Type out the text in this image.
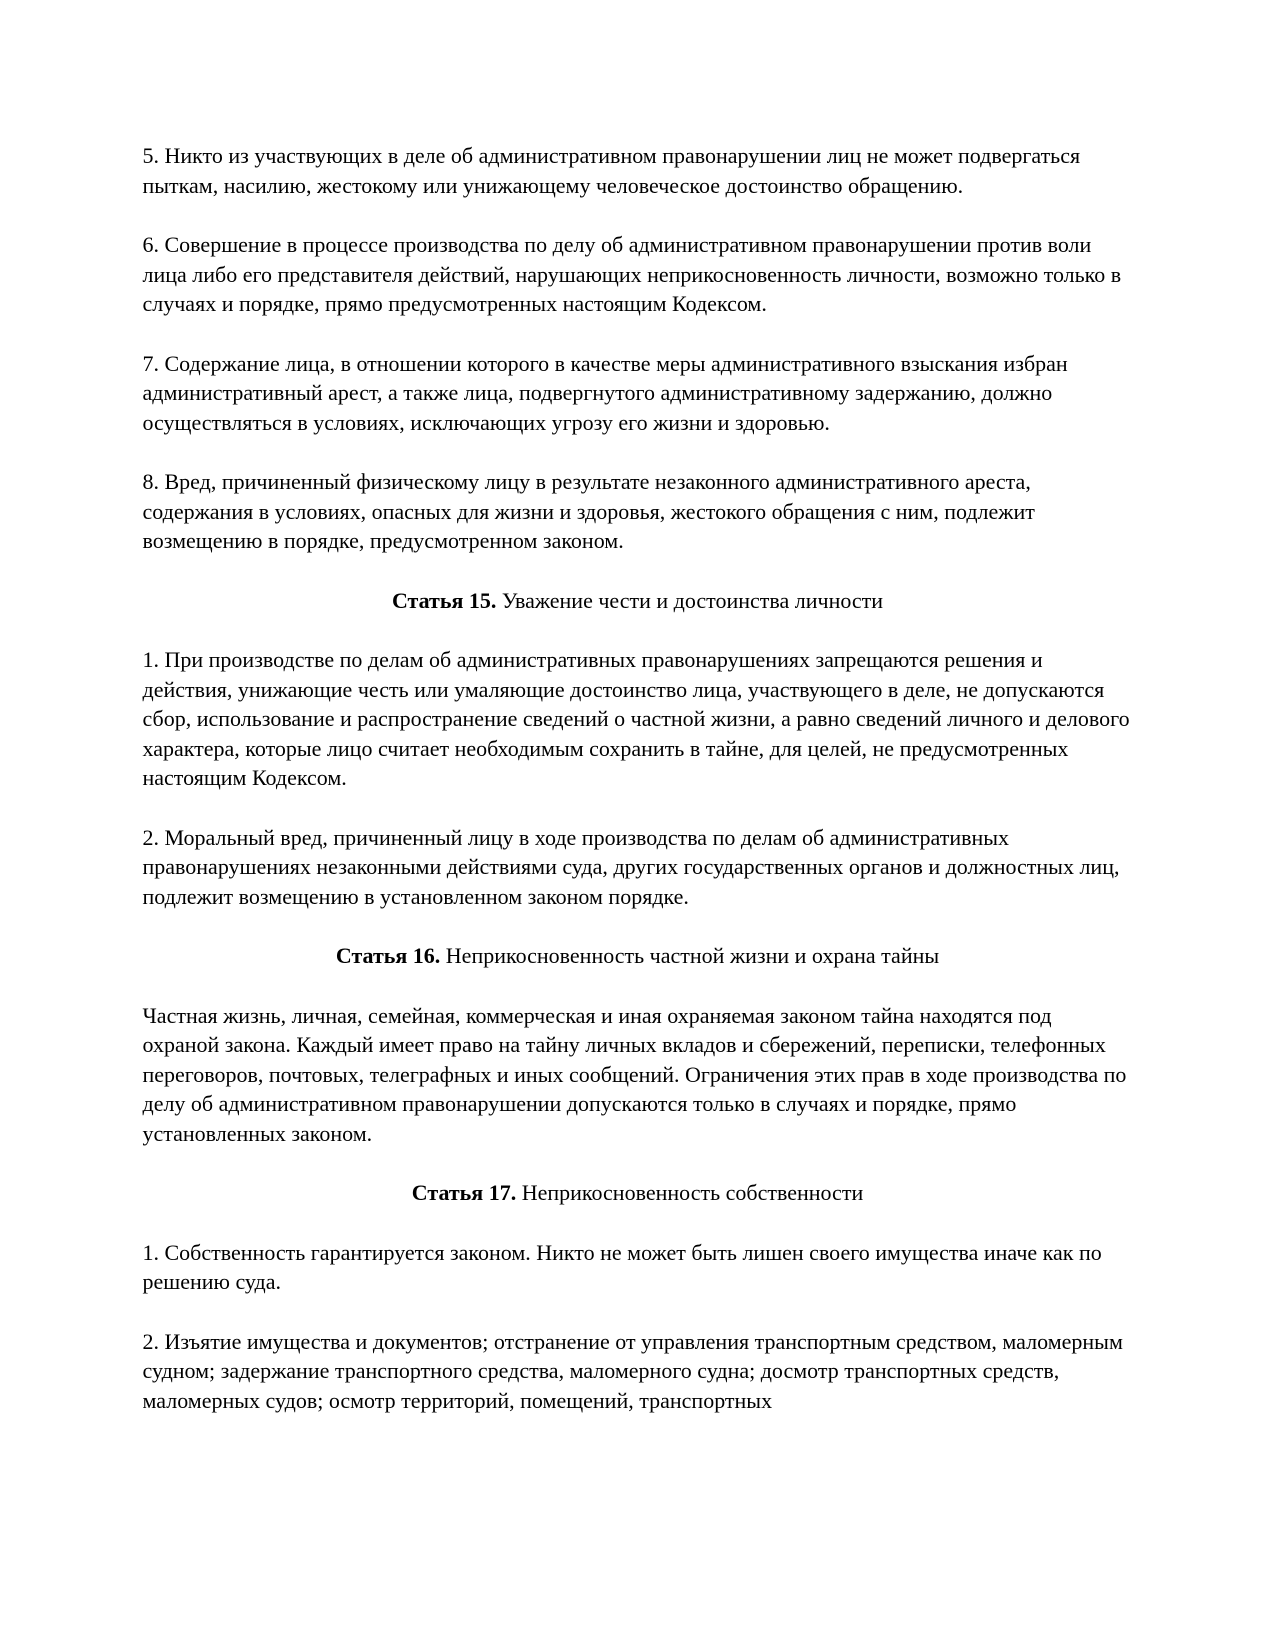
5. Никто из участвующих в деле об административном правонарушении лиц не может подвергаться пыткам, насилию, жестокому или унижающему человеческое достоинство обращению.

6. Совершение в процессе производства по делу об административном правонарушении против воли лица либо его представителя действий, нарушающих неприкосновенность личности, возможно только в случаях и порядке, прямо предусмотренных настоящим Кодексом.

7. Содержание лица, в отношении которого в качестве меры административного взыскания избран административный арест, а также лица, подвергнутого административному задержанию, должно осуществляться в условиях, исключающих угрозу его жизни и здоровью.

8. Вред, причиненный физическому лицу в результате незаконного административного ареста, содержания в условиях, опасных для жизни и здоровья, жестокого обращения с ним, подлежит возмещению в порядке, предусмотренном законом.

Статья 15. Уважение чести и достоинства личности

1. При производстве по делам об административных правонарушениях запрещаются решения и действия, унижающие честь или умаляющие достоинство лица, участвующего в деле, не допускаются сбор, использование и распространение сведений о частной жизни, а равно сведений личного и делового характера, которые лицо считает необходимым сохранить в тайне, для целей, не предусмотренных настоящим Кодексом.

2. Моральный вред, причиненный лицу в ходе производства по делам об административных правонарушениях незаконными действиями суда, других государственных органов и должностных лиц, подлежит возмещению в установленном законом порядке.

Статья 16. Неприкосновенность частной жизни и охрана тайны

Частная жизнь, личная, семейная, коммерческая и иная охраняемая законом тайна находятся под охраной закона. Каждый имеет право на тайну личных вкладов и сбережений, переписки, телефонных переговоров, почтовых, телеграфных и иных сообщений. Ограничения этих прав в ходе производства по делу об административном правонарушении допускаются только в случаях и порядке, прямо установленных законом.

Статья 17. Неприкосновенность собственности

1. Собственность гарантируется законом. Никто не может быть лишен своего имущества иначе как по решению суда.

2. Изъятие имущества и документов; отстранение от управления транспортным средством, маломерным судном; задержание транспортного средства, маломерного судна; досмотр транспортных средств, маломерных судов; осмотр территорий, помещений, транспортных
